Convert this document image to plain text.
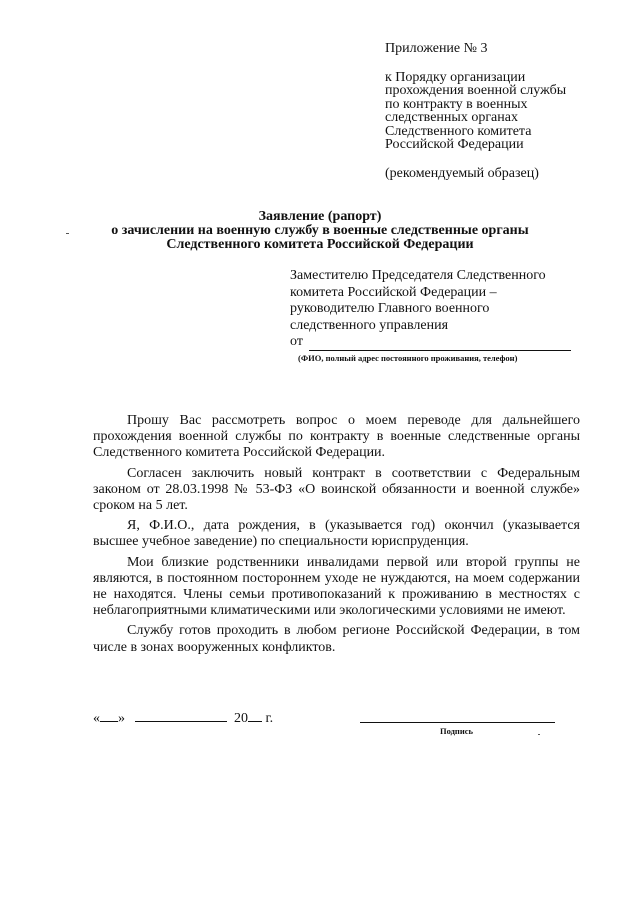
Приложение № 3
к Порядку организации
прохождения военной службы
по контракту в военных
следственных органах
Следственного комитета
Российской Федерации
(рекомендуемый образец)
Заявление (рапорт)
о зачислении на военную службу в военные следственные органы
Следственного комитета Российской Федерации
Заместителю Председателя Следственного
комитета Российской Федерации –
руководителю Главного военного
следственного управления
от
(ФИО, полный адрес постоянного проживания, телефон)

Прошу Вас рассмотреть вопрос о моем переводе для дальнейшего прохождения военной службы по контракту в военные следственные органы Следственного комитета Российской Федерации.

Согласен заключить новый контракт в соответствии с Федеральным законом от 28.03.1998 № 53-ФЗ «О воинской обязанности и военной службе» сроком на 5 лет.

Я, Ф.И.О., дата рождения, в (указывается год) окончил (указывается высшее учебное заведение) по специальности юриспруденция.

Мои близкие родственники инвалидами первой или второй группы не являются, в постоянном постороннем уходе не нуждаются, на моем содержании не находятся. Члены семьи противопоказаний к проживанию в местностях с неблагоприятными климатическими или экологическими условиями не имеют.

Службу готов проходить в любом регионе Российской Федерации, в том числе в зонах вооруженных конфликтов.

« »	20 г.
Подпись
